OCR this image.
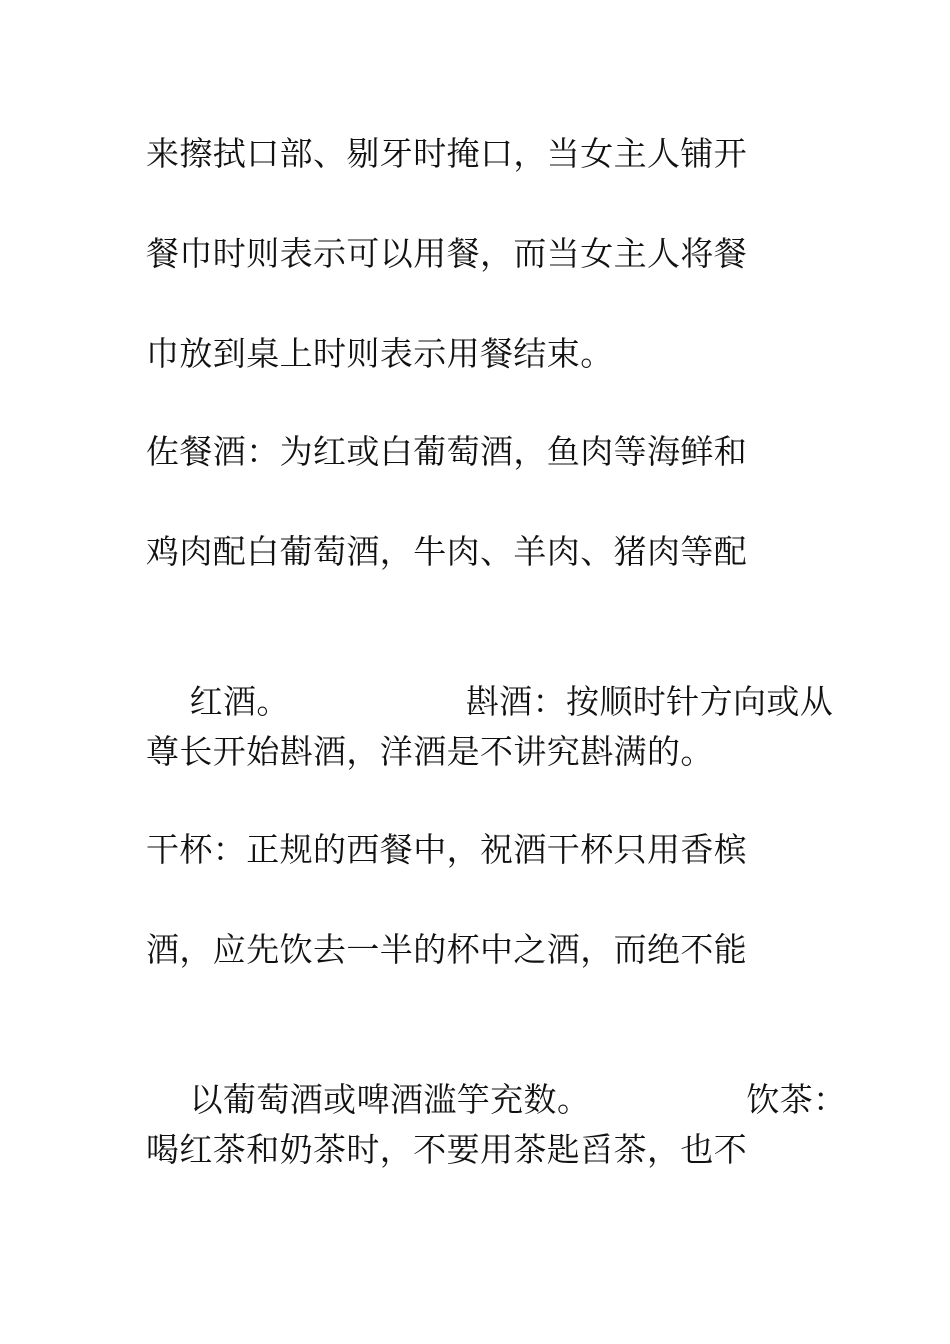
来擦拭口部、剔牙时掩口，当女主人铺开
餐巾时则表示可以用餐，而当女主人将餐
巾放到桌上时则表示用餐结束。
佐餐酒：为红或白葡萄酒，鱼肉等海鲜和
鸡肉配白葡萄酒，牛肉、羊肉、猪肉等配

红酒。	斟酒：按顺时针方向或从

尊长开始斟酒，洋酒是不讲究斟满的。
干杯：正规的西餐中，祝酒干杯只用香槟
酒，应先饮去一半的杯中之酒，而绝不能

以葡萄酒或啤酒滥竽充数。	饮茶：

喝红茶和奶茶时，不要用茶匙舀茶，也不
